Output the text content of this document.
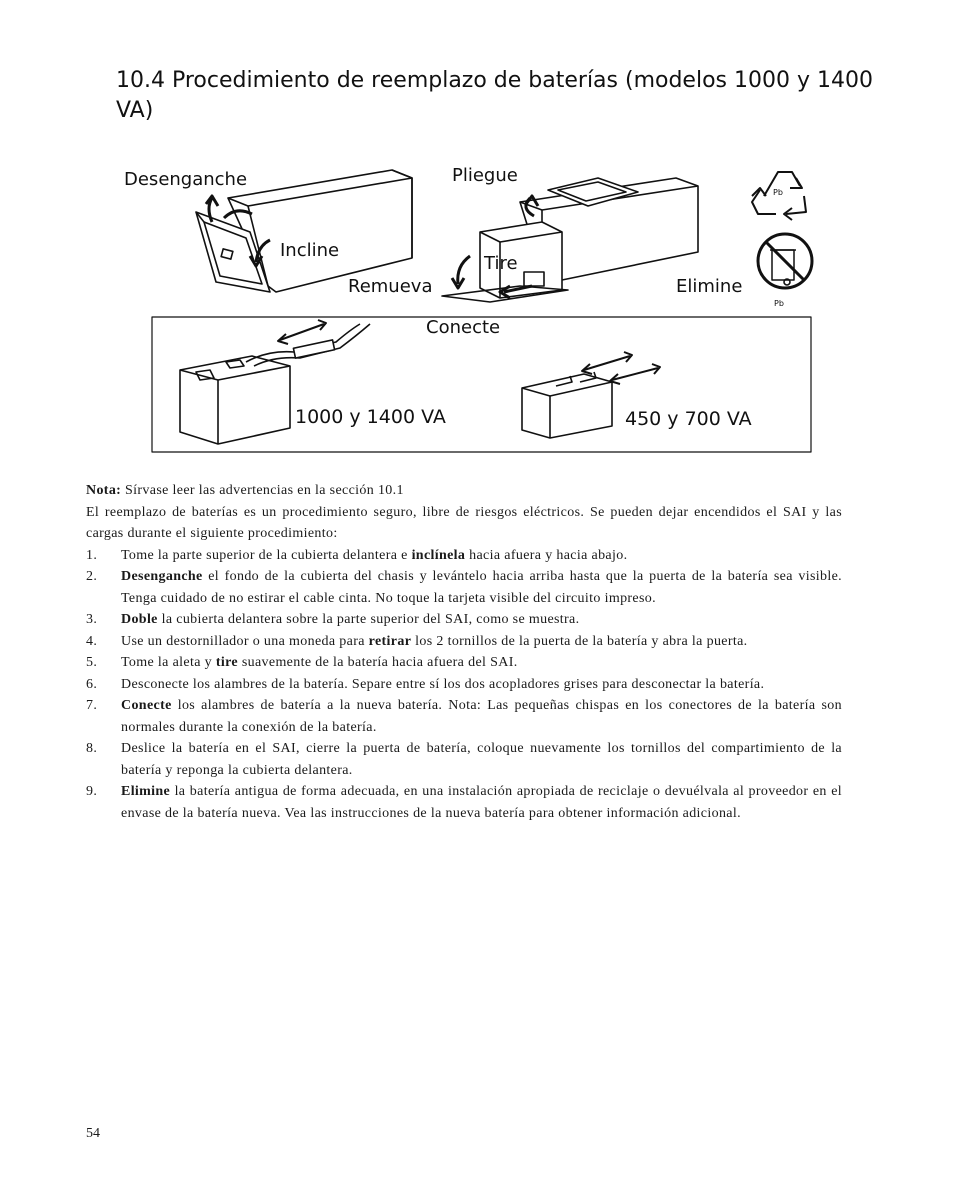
10.4 Procedimiento de reemplazo de baterías (modelos 1000 y 1400 VA)
Desenganche
Incline
Pliegue
Tire
Remueva	Elimine
Conecte
1000 y 1400 VA	450 y 700 VA
Pb
Pb

Nota: Sírvase leer las advertencias en la sección 10.1

El reemplazo de baterías es un procedimiento seguro, libre de riesgos eléctricos. Se pueden dejar encendidos el SAI y las cargas durante el siguiente procedimiento:

1. Tome la parte superior de la cubierta delantera e inclínela hacia afuera y hacia abajo.
2. Desenganche el fondo de la cubierta del chasis y levántelo hacia arriba hasta que la puerta de la batería sea visible. Tenga cuidado de no estirar el cable cinta. No toque la tarjeta visible del circuito impreso.
3. Doble la cubierta delantera sobre la parte superior del SAI, como se muestra.
4. Use un destornillador o una moneda para retirar los 2 tornillos de la puerta de la batería y abra la puerta.
5. Tome la aleta y tire suavemente de la batería hacia afuera del SAI.
6. Desconecte los alambres de la batería. Separe entre sí los dos acopladores grises para desconectar la batería.
7. Conecte los alambres de batería a la nueva batería. Nota: Las pequeñas chispas en los conectores de la batería son normales durante la conexión de la batería.
8. Deslice la batería en el SAI, cierre la puerta de batería, coloque nuevamente los tornillos del compartimiento de la batería y reponga la cubierta delantera.
9. Elimine la batería antigua de forma adecuada, en una instalación apropiada de reciclaje o devuélvala al proveedor en el envase de la batería nueva. Vea las instrucciones de la nueva batería para obtener información adicional.
54
